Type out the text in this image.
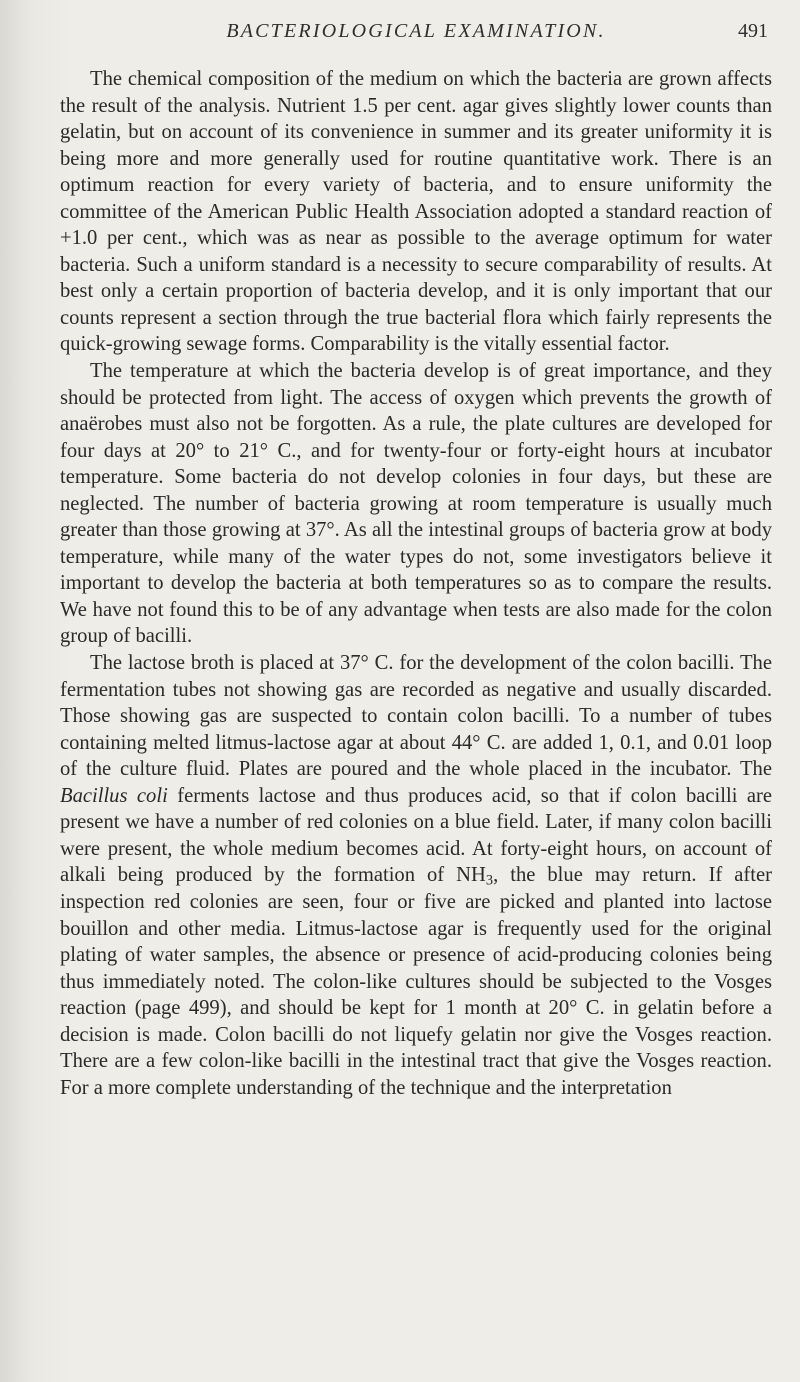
BACTERIOLOGICAL EXAMINATION.	491

The chemical composition of the medium on which the bacteria are grown affects the result of the analysis. Nutrient 1.5 per cent. agar gives slightly lower counts than gelatin, but on account of its convenience in summer and its greater uniformity it is being more and more generally used for routine quantitative work. There is an optimum reaction for every variety of bacteria, and to ensure uniformity the committee of the American Public Health Association adopted a standard reaction of +1.0 per cent., which was as near as possible to the average optimum for water bacteria. Such a uniform standard is a necessity to secure comparability of results. At best only a certain proportion of bacteria develop, and it is only important that our counts represent a section through the true bacterial flora which fairly represents the quick-growing sewage forms. Comparability is the vitally essential factor.

The temperature at which the bacteria develop is of great importance, and they should be protected from light. The access of oxygen which prevents the growth of anaërobes must also not be forgotten. As a rule, the plate cultures are developed for four days at 20° to 21° C., and for twenty-four or forty-eight hours at incubator temperature. Some bacteria do not develop colonies in four days, but these are neglected. The number of bacteria growing at room temperature is usually much greater than those growing at 37°. As all the intestinal groups of bacteria grow at body temperature, while many of the water types do not, some investigators believe it important to develop the bacteria at both temperatures so as to compare the results. We have not found this to be of any advantage when tests are also made for the colon group of bacilli.

The lactose broth is placed at 37° C. for the development of the colon bacilli. The fermentation tubes not showing gas are recorded as negative and usually discarded. Those showing gas are suspected to contain colon bacilli. To a number of tubes containing melted litmus-lactose agar at about 44° C. are added 1, 0.1, and 0.01 loop of the culture fluid. Plates are poured and the whole placed in the incubator. The Bacillus coli ferments lactose and thus produces acid, so that if colon bacilli are present we have a number of red colonies on a blue field. Later, if many colon bacilli were present, the whole medium becomes acid. At forty-eight hours, on account of alkali being produced by the formation of $NH_3$, the blue may return. If after inspection red colonies are seen, four or five are picked and planted into lactose bouillon and other media. Litmus-lactose agar is frequently used for the original plating of water samples, the absence or presence of acid-producing colonies being thus immediately noted. The colon-like cultures should be subjected to the Vosges reaction (page 499), and should be kept for 1 month at 20° C. in gelatin before a decision is made. Colon bacilli do not liquefy gelatin nor give the Vosges reaction. There are a few colon-like bacilli in the intestinal tract that give the Vosges reaction. For a more complete understanding of the technique and the interpretation
